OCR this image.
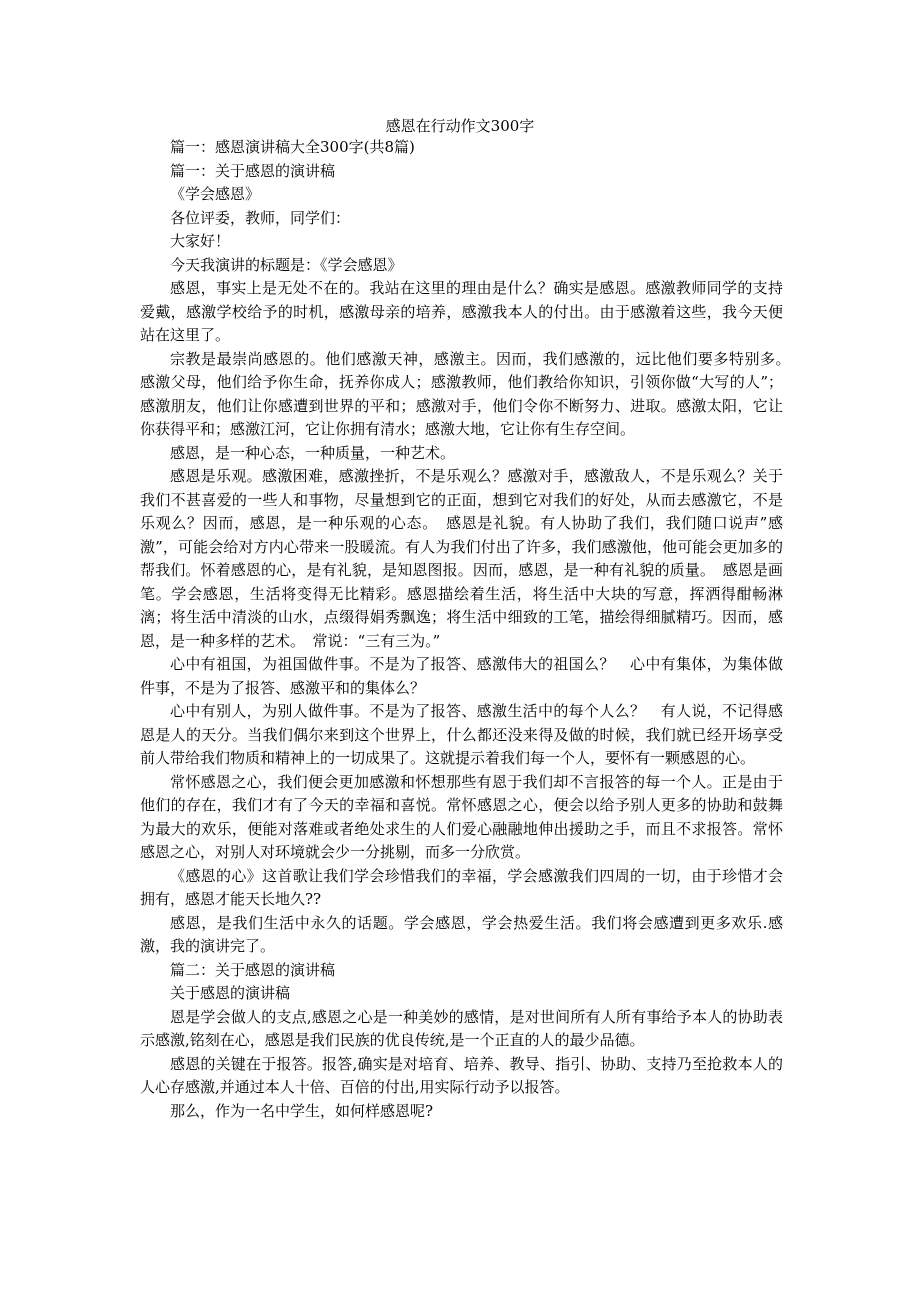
感恩在行动作文300字

篇一：感恩演讲稿大全300字(共8篇)

篇一：关于感恩的演讲稿

《学会感恩》

各位评委，教师，同学们：

大家好！

今天我演讲的标题是：《学会感恩》

感恩，事实上是无处不在的。我站在这里的理由是什么？确实是感恩。感激教师同学的支持爱戴，感激学校给予的时机，感激母亲的培养，感激我本人的付出。由于感激着这些，我今天便站在这里了。

宗教是最崇尚感恩的。他们感激天神，感激主。因而，我们感激的，远比他们要多特别多。　感激父母，他们给予你生命，抚养你成人；感激教师，他们教给你知识，引领你做“大写的人”；感激朋友，他们让你感遭到世界的平和；感激对手，他们令你不断努力、进取。感激太阳，它让你获得平和；感激江河，它让你拥有清水；感激大地，它让你有生存空间。

感恩，是一种心态，一种质量，一种艺术。

感恩是乐观。感激困难，感激挫折，不是乐观么？感激对手，感激敌人，不是乐观么？关于我们不甚喜爱的一些人和事物，尽量想到它的正面，想到它对我们的好处，从而去感激它，不是乐观么？因而，感恩，是一种乐观的心态。　感恩是礼貌。有人协助了我们，我们随口说声”感激”，可能会给对方内心带来一股暖流。有人为我们付出了许多，我们感激他，他可能会更加多的帮我们。怀着感恩的心，是有礼貌，是知恩图报。因而，感恩，是一种有礼貌的质量。　感恩是画笔。学会感恩，生活将变得无比精彩。感恩描绘着生活，将生活中大块的写意，挥洒得酣畅淋漓；将生活中清淡的山水，点缀得娟秀飘逸；将生活中细致的工笔，描绘得细腻精巧。因而，感恩，是一种多样的艺术。　常说：“三有三为。”

心中有祖国，为祖国做件事。不是为了报答、感激伟大的祖国么？　心中有集体，为集体做件事，不是为了报答、感激平和的集体么？

心中有别人，为别人做件事。不是为了报答、感激生活中的每个人么？　有人说，不记得感恩是人的天分。当我们偶尔来到这个世界上，什么都还没来得及做的时候，我们就已经开场享受前人带给我们物质和精神上的一切成果了。这就提示着我们每一个人，要怀有一颗感恩的心。

常怀感恩之心，我们便会更加感激和怀想那些有恩于我们却不言报答的每一个人。正是由于他们的存在，我们才有了今天的幸福和喜悦。常怀感恩之心，便会以给予别人更多的协助和鼓舞为最大的欢乐，便能对落难或者绝处求生的人们爱心融融地伸出援助之手，而且不求报答。常怀感恩之心，对别人对环境就会少一分挑剔，而多一分欣赏。

《感恩的心》这首歌让我们学会珍惜我们的幸福，学会感激我们四周的一切，由于珍惜才会拥有，感恩才能天长地久??

感恩，是我们生活中永久的话题。学会感恩，学会热爱生活。我们将会感遭到更多欢乐.感激，我的演讲完了。

篇二：关于感恩的演讲稿

关于感恩的演讲稿

恩是学会做人的支点,感恩之心是一种美妙的感情，是对世间所有人所有事给予本人的协助表示感激,铭刻在心，感恩是我们民族的优良传统,是一个正直的人的最少品德。

感恩的关键在于报答。报答,确实是对培育、培养、教导、指引、协助、支持乃至抢救本人的人心存感激,并通过本人十倍、百倍的付出,用实际行动予以报答。

那么，作为一名中学生，如何样感恩呢?
